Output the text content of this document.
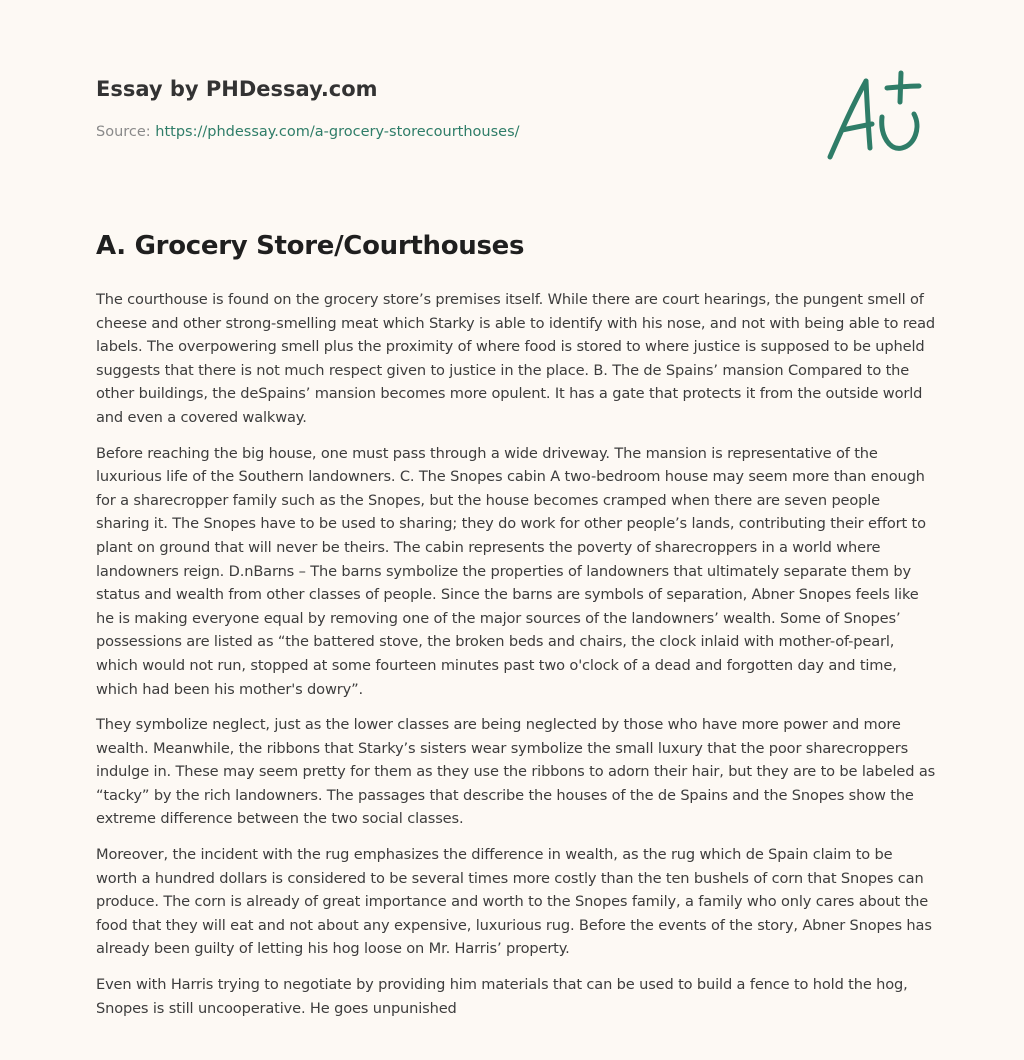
Essay by PHDessay.com
Source: https://phdessay.com/a-grocery-storecourthouses/
A. Grocery Store/Courthouses

The courthouse is found on the grocery store’s premises itself. While there are court hearings, the pungent smell of cheese and other strong-smelling meat which Starky is able to identify with his nose, and not with being able to read labels. The overpowering smell plus the proximity of where food is stored to where justice is supposed to be upheld suggests that there is not much respect given to justice in the place. B. The de Spains’ mansion Compared to the other buildings, the deSpains’ mansion becomes more opulent. It has a gate that protects it from the outside world and even a covered walkway.

Before reaching the big house, one must pass through a wide driveway. The mansion is representative of the luxurious life of the Southern landowners. C. The Snopes cabin A two-bedroom house may seem more than enough for a sharecropper family such as the Snopes, but the house becomes cramped when there are seven people sharing it. The Snopes have to be used to sharing; they do work for other people’s lands, contributing their effort to plant on ground that will never be theirs. The cabin represents the poverty of sharecroppers in a world where landowners reign. D.nBarns – The barns symbolize the properties of landowners that ultimately separate them by status and wealth from other classes of people. Since the barns are symbols of separation, Abner Snopes feels like he is making everyone equal by removing one of the major sources of the landowners’ wealth. Some of Snopes’ possessions are listed as “the battered stove, the broken beds and chairs, the clock inlaid with mother-of-pearl, which would not run, stopped at some fourteen minutes past two o'clock of a dead and forgotten day and time, which had been his mother's dowry”.

They symbolize neglect, just as the lower classes are being neglected by those who have more power and more wealth. Meanwhile, the ribbons that Starky’s sisters wear symbolize the small luxury that the poor sharecroppers indulge in. These may seem pretty for them as they use the ribbons to adorn their hair, but they are to be labeled as “tacky” by the rich landowners. The passages that describe the houses of the de Spains and the Snopes show the extreme difference between the two social classes.

Moreover, the incident with the rug emphasizes the difference in wealth, as the rug which de Spain claim to be worth a hundred dollars is considered to be several times more costly than the ten bushels of corn that Snopes can produce. The corn is already of great importance and worth to the Snopes family, a family who only cares about the food that they will eat and not about any expensive, luxurious rug. Before the events of the story, Abner Snopes has already been guilty of letting his hog loose on Mr. Harris’ property.

Even with Harris trying to negotiate by providing him materials that can be used to build a fence to hold the hog, Snopes is still uncooperative. He goes unpunished
